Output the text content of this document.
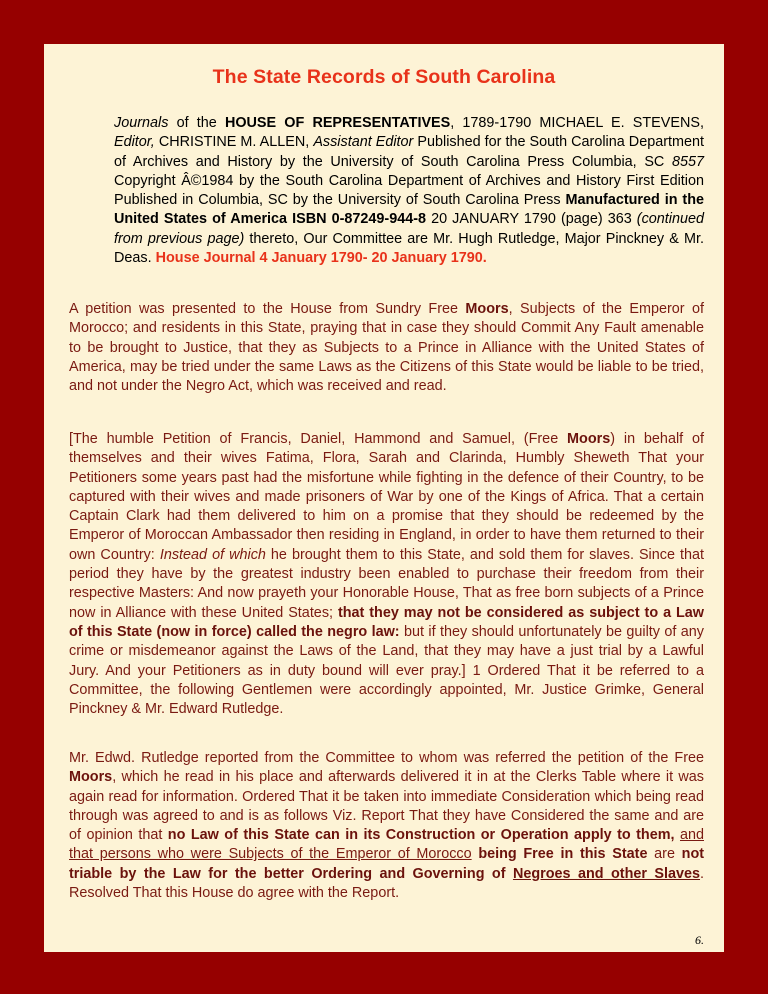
The State Records of South Carolina
Journals of the HOUSE OF REPRESENTATIVES, 1789-1790 MICHAEL E. STEVENS, Editor, CHRISTINE M. ALLEN, Assistant Editor Published for the South Carolina Department of Archives and History by the University of South Carolina Press Columbia, SC 8557 Copyright Â©1984 by the South Carolina Department of Archives and History First Edition Published in Columbia, SC by the University of South Carolina Press Manufactured in the United States of America ISBN 0-87249-944-8 20 JANUARY 1790 (page) 363 (continued from previous page) thereto, Our Committee are Mr. Hugh Rutledge, Major Pinckney & Mr. Deas. House Journal 4 January 1790- 20 January 1790.
A petition was presented to the House from Sundry Free Moors, Subjects of the Emperor of Morocco; and residents in this State, praying that in case they should Commit Any Fault amenable to be brought to Justice, that they as Subjects to a Prince in Alliance with the United States of America, may be tried under the same Laws as the Citizens of this State would be liable to be tried, and not under the Negro Act, which was received and read.
[The humble Petition of Francis, Daniel, Hammond and Samuel, (Free Moors) in behalf of themselves and their wives Fatima, Flora, Sarah and Clarinda, Humbly Sheweth That your Petitioners some years past had the misfortune while fighting in the defence of their Country, to be captured with their wives and made prisoners of War by one of the Kings of Africa. That a certain Captain Clark had them delivered to him on a promise that they should be redeemed by the Emperor of Moroccan Ambassador then residing in England, in order to have them returned to their own Country: Instead of which he brought them to this State, and sold them for slaves. Since that period they have by the greatest industry been enabled to purchase their freedom from their respective Masters: And now prayeth your Honorable House, That as free born subjects of a Prince now in Alliance with these United States; that they may not be considered as subject to a Law of this State (now in force) called the negro law: but if they should unfortunately be guilty of any crime or misdemeanor against the Laws of the Land, that they may have a just trial by a Lawful Jury. And your Petitioners as in duty bound will ever pray.] 1 Ordered That it be referred to a Committee, the following Gentlemen were accordingly appointed, Mr. Justice Grimke, General Pinckney & Mr. Edward Rutledge.
Mr. Edwd. Rutledge reported from the Committee to whom was referred the petition of the Free Moors, which he read in his place and afterwards delivered it in at the Clerks Table where it was again read for information. Ordered That it be taken into immediate Consideration which being read through was agreed to and is as follows Viz. Report That they have Considered the same and are of opinion that no Law of this State can in its Construction or Operation apply to them, and that persons who were Subjects of the Emperor of Morocco being Free in this State are not triable by the Law for the better Ordering and Governing of Negroes and other Slaves. Resolved That this House do agree with the Report.
6.
